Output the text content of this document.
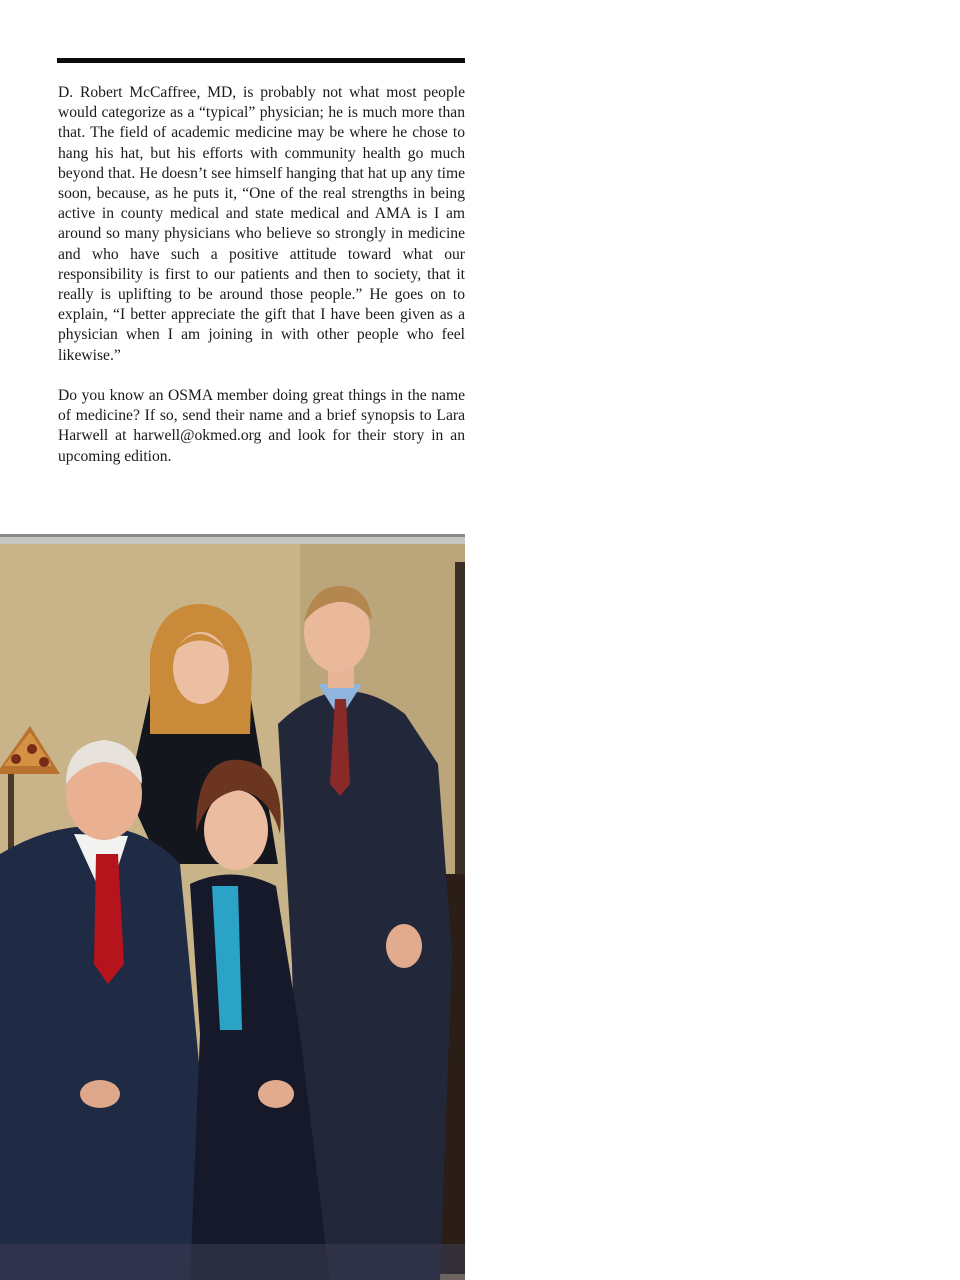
D. Robert McCaffree, MD, is probably not what most people would categorize as a “typical” physician; he is much more than that. The field of academic medicine may be where he chose to hang his hat, but his efforts with community health go much beyond that. He doesn’t see himself hanging that hat up any time soon, because, as he puts it, “One of the real strengths in being active in county medical and state medical and AMA is I am around so many physicians who believe so strongly in medicine and who have such a positive attitude toward what our responsibility is first to our patients and then to society, that it really is uplifting to be around those people.” He goes on to explain, “I better appreciate the gift that I have been given as a physician when I am joining in with other people who feel likewise.”

Do you know an OSMA member doing great things in the name of medicine? If so, send their name and a brief synopsis to Lara Harwell at harwell@okmed.org and look for their story in an upcoming edition.
